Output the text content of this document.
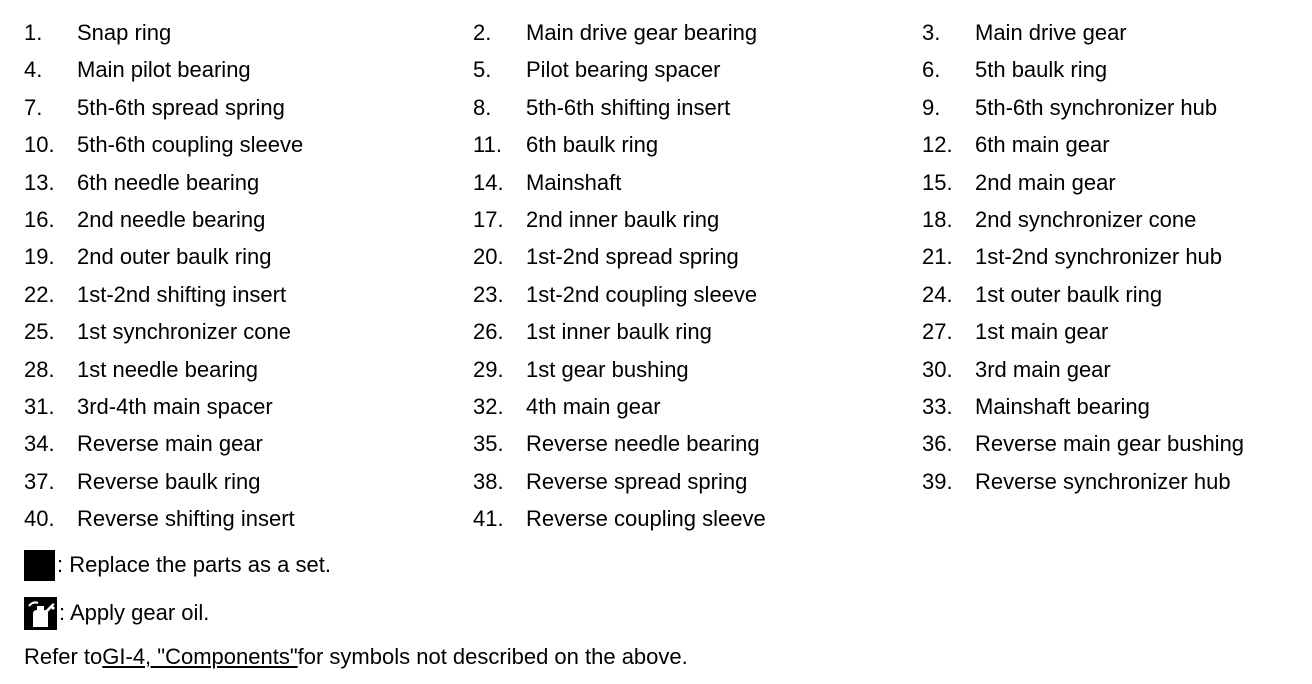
1.	Snap ring	2.	Main drive gear bearing	3.	Main drive gear
4.	Main pilot bearing	5.	Pilot bearing spacer	6.	5th baulk ring
7.	5th-6th spread spring	8.	5th-6th shifting insert	9.	5th-6th synchronizer hub
10.	5th-6th coupling sleeve	11.	6th baulk ring	12.	6th main gear
13.	6th needle bearing	14.	Mainshaft	15.	2nd main gear
16.	2nd needle bearing	17.	2nd inner baulk ring	18.	2nd synchronizer cone
19.	2nd outer baulk ring	20.	1st-2nd spread spring	21.	1st-2nd synchronizer hub
22.	1st-2nd shifting insert	23.	1st-2nd coupling sleeve	24.	1st outer baulk ring
25.	1st synchronizer cone	26.	1st inner baulk ring	27.	1st main gear
28.	1st needle bearing	29.	1st gear bushing	30.	3rd main gear
31.	3rd-4th main spacer	32.	4th main gear	33.	Mainshaft bearing
34.	Reverse main gear	35.	Reverse needle bearing	36.	Reverse main gear bushing
37.	Reverse baulk ring	38.	Reverse spread spring	39.	Reverse synchronizer hub
40.	Reverse shifting insert	41.	Reverse coupling sleeve
: Replace the parts as a set.
: Apply gear oil.
Refer to GI-4, "Components" for symbols not described on the above.
